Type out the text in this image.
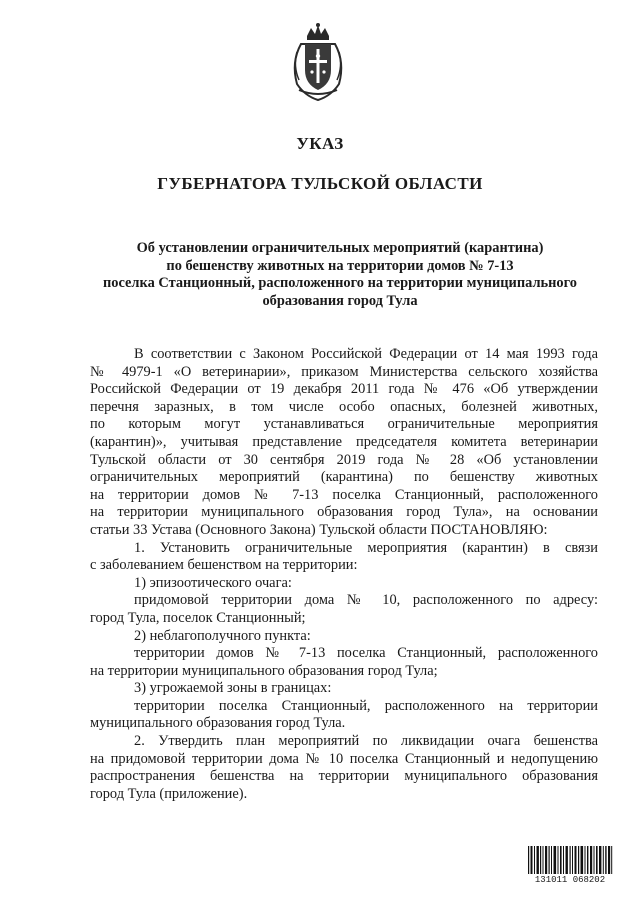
УКАЗ
ГУБЕРНАТОРА ТУЛЬСКОЙ ОБЛАСТИ
Об установлении ограничительных мероприятий (карантина)
по бешенству животных на территории домов № 7-13
поселка Станционный, расположенного на территории муниципального
образования город Тула
В соответствии с Законом Российской Федерации от 14 мая 1993 года
№ 4979-1 «О ветеринарии», приказом Министерства сельского хозяйства
Российской Федерации от 19 декабря 2011 года № 476 «Об утверждении
перечня заразных, в том числе особо опасных, болезней животных,
по которым могут устанавливаться ограничительные мероприятия
(карантин)», учитывая представление председателя комитета ветеринарии
Тульской области от 30 сентября 2019 года № 28 «Об установлении
ограничительных мероприятий (карантина) по бешенству животных
на территории домов № 7-13 поселка Станционный, расположенного
на территории муниципального образования город Тула», на основании
статьи 33 Устава (Основного Закона) Тульской области ПОСТАНОВЛЯЮ:
1. Установить ограничительные мероприятия (карантин) в связи
с заболеванием бешенством на территории:
1) эпизоотического очага:
придомовой территории дома № 10, расположенного по адресу:
город Тула, поселок Станционный;
2) неблагополучного пункта:
территории домов № 7-13 поселка Станционный, расположенного
на территории муниципального образования город Тула;
3) угрожаемой зоны в границах:
территории поселка Станционный, расположенного на территории
муниципального образования город Тула.
2. Утвердить план мероприятий по ликвидации очага бешенства
на придомовой территории дома № 10 поселка Станционный и недопущению
распространения бешенства на территории муниципального образования
город Тула (приложение).
131011 068202
